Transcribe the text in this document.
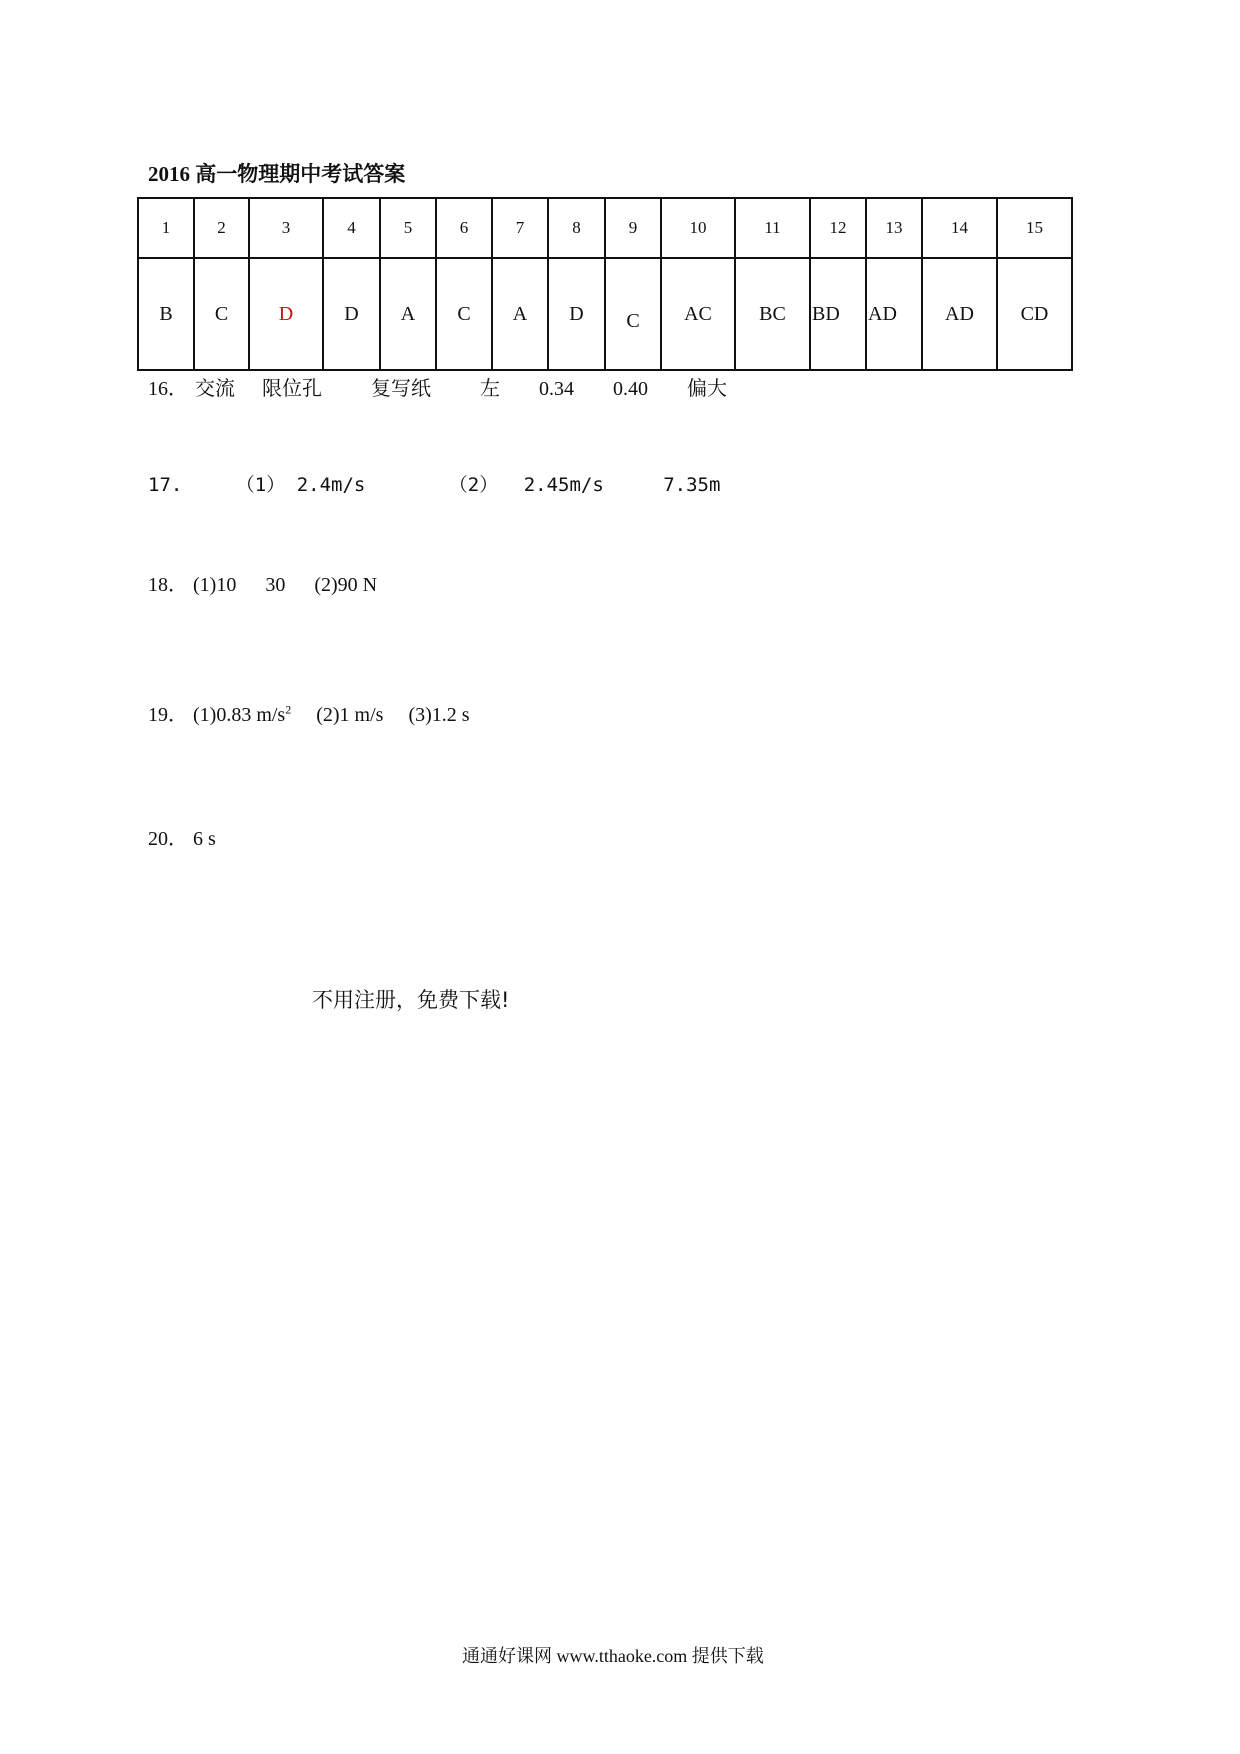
2016 高一物理期中考试答案
1	2	3	4	5	6	7	8	9	10	11	12	13	14	15
B	C	D	D	A	C	A	D	C	AC	BC	BD	AD	AD	CD
16． 交流 限位孔 复写纸 左 0.34 0.40 偏大
17.	（1） 2.4m/s	（2） 2.45m/s	7.35m
18． (1)10 30 (2)90 N
19． (1)0.83 $m/s^2$ (2)1 m/s (3)1.2 s
20． 6 s
不用注册，免费下载!
通通好课网 www.tthaoke.com 提供下载
